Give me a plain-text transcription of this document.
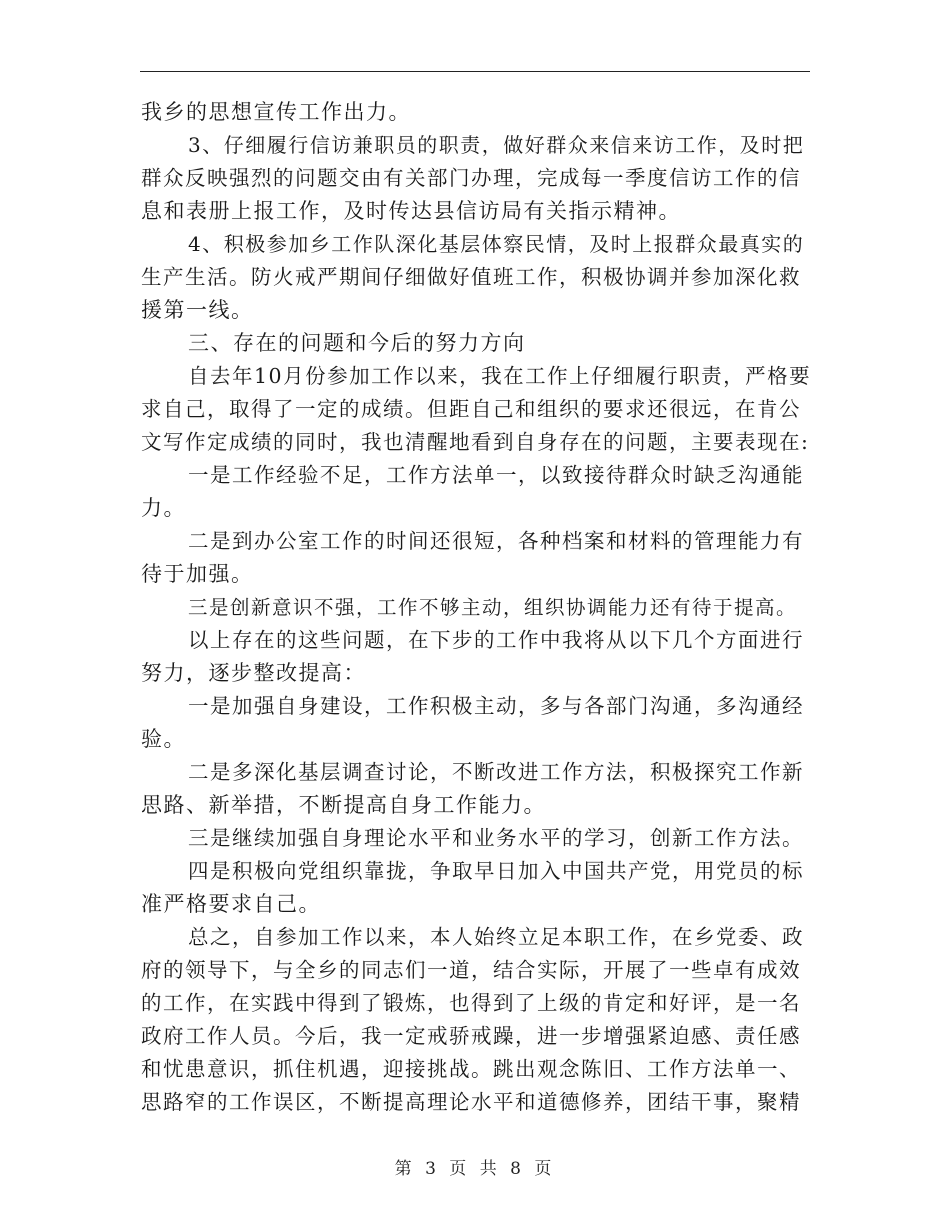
我乡的思想宣传工作出力。
3、仔细履行信访兼职员的职责，做好群众来信来访工作，及时把
群众反映强烈的问题交由有关部门办理，完成每一季度信访工作的信
息和表册上报工作，及时传达县信访局有关指示精神。
4、积极参加乡工作队深化基层体察民情，及时上报群众最真实的
生产生活。防火戒严期间仔细做好值班工作，积极协调并参加深化救
援第一线。
三、存在的问题和今后的努力方向
自去年10月份参加工作以来，我在工作上仔细履行职责，严格要
求自己，取得了一定的成绩。但距自己和组织的要求还很远，在肯公
文写作定成绩的同时，我也清醒地看到自身存在的问题，主要表现在:
一是工作经验不足，工作方法单一，以致接待群众时缺乏沟通能
力。
二是到办公室工作的时间还很短，各种档案和材料的管理能力有
待于加强。
三是创新意识不强，工作不够主动，组织协调能力还有待于提高。
以上存在的这些问题，在下步的工作中我将从以下几个方面进行
努力，逐步整改提高：
一是加强自身建设，工作积极主动，多与各部门沟通，多沟通经
验。
二是多深化基层调查讨论，不断改进工作方法，积极探究工作新
思路、新举措，不断提高自身工作能力。
三是继续加强自身理论水平和业务水平的学习，创新工作方法。
四是积极向党组织靠拢，争取早日加入中国共产党，用党员的标
准严格要求自己。
总之，自参加工作以来，本人始终立足本职工作，在乡党委、政
府的领导下，与全乡的同志们一道，结合实际，开展了一些卓有成效
的工作，在实践中得到了锻炼，也得到了上级的肯定和好评，是一名
政府工作人员。今后，我一定戒骄戒躁，进一步增强紧迫感、责任感
和忧患意识，抓住机遇，迎接挑战。跳出观念陈旧、工作方法单一、
思路窄的工作误区，不断提高理论水平和道德修养，团结干事，聚精
第 3 页 共 8 页
